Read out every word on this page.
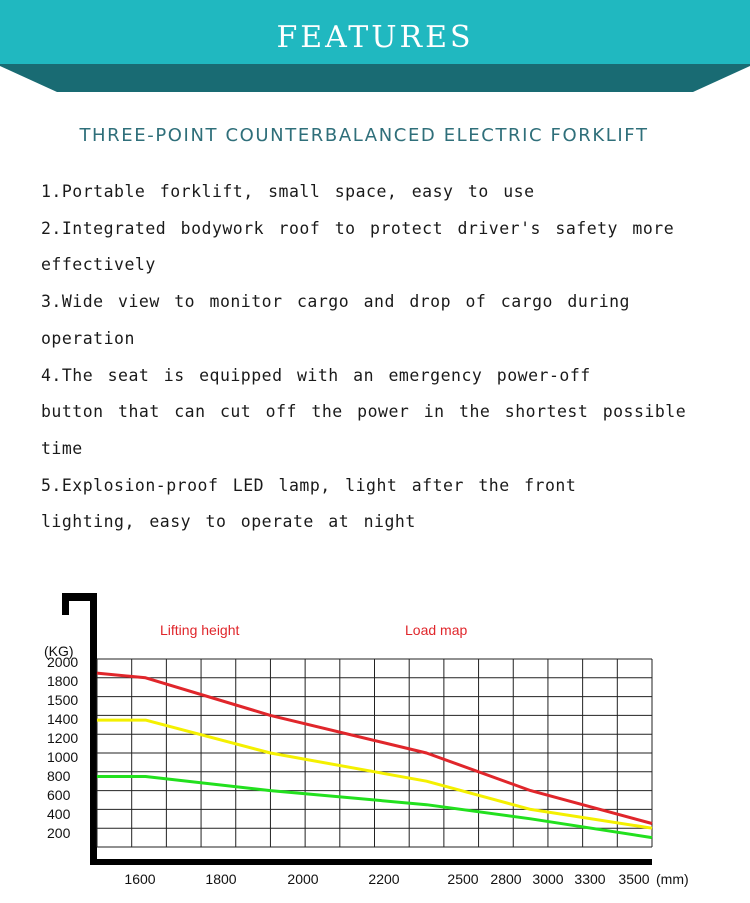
FEATURES
THREE-POINT COUNTERBALANCED ELECTRIC FORKLIFT
1.Portable forklift, small space, easy to use
2.Integrated bodywork roof to protect driver's safety more
effectively
3.Wide view to monitor cargo and drop of cargo during
operation
4.The seat is equipped with an emergency power-off
button that can cut off the power in the shortest possible
time
5.Explosion-proof LED lamp, light after the front
lighting, easy to operate at night
Lifting height	Load map
(KG)
(mm)
2000
1800
1500
1400
1200
1000
800
600
400
200
1600	1800	2000	2200	2500 2800 3000 3300 3500
